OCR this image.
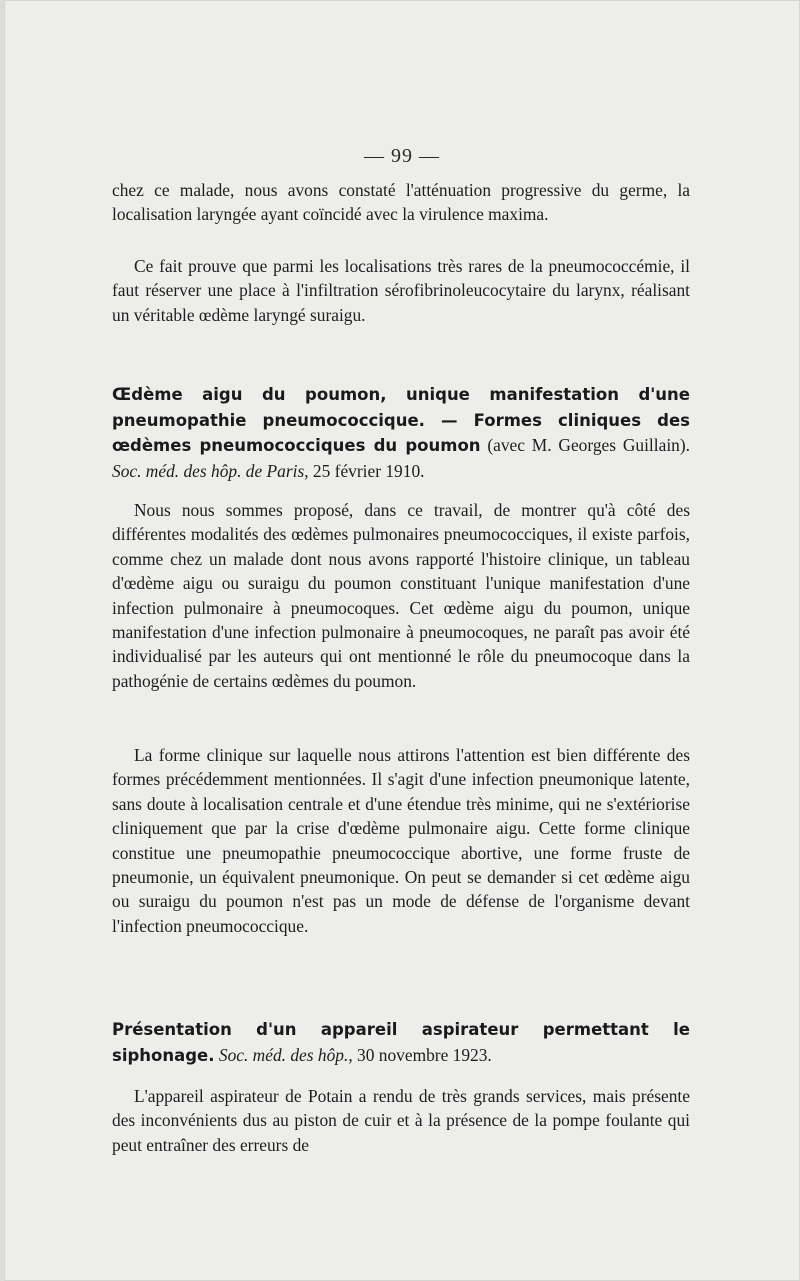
— 99 —

chez ce malade, nous avons constaté l'atténuation progressive du germe, la localisation laryngée ayant coïncidé avec la virulence maxima.

Ce fait prouve que parmi les localisations très rares de la pneumococcémie, il faut réserver une place à l'infiltration sérofibrinoleucocytaire du larynx, réalisant un véritable œdème laryngé suraigu.

Œdème aigu du poumon, unique manifestation d'une pneumopathie pneumococcique. — Formes cliniques des œdèmes pneumococciques du poumon (avec M. Georges Guillain). Soc. méd. des hôp. de Paris, 25 février 1910.

Nous nous sommes proposé, dans ce travail, de montrer qu'à côté des différentes modalités des œdèmes pulmonaires pneumococciques, il existe parfois, comme chez un malade dont nous avons rapporté l'histoire clinique, un tableau d'œdème aigu ou suraigu du poumon constituant l'unique manifestation d'une infection pulmonaire à pneumocoques. Cet œdème aigu du poumon, unique manifestation d'une infection pulmonaire à pneumocoques, ne paraît pas avoir été individualisé par les auteurs qui ont mentionné le rôle du pneumocoque dans la pathogénie de certains œdèmes du poumon.

La forme clinique sur laquelle nous attirons l'attention est bien différente des formes précédemment mentionnées. Il s'agit d'une infection pneumonique latente, sans doute à localisation centrale et d'une étendue très minime, qui ne s'extériorise cliniquement que par la crise d'œdème pulmonaire aigu. Cette forme clinique constitue une pneumopathie pneumococcique abortive, une forme fruste de pneumonie, un équivalent pneumonique. On peut se demander si cet œdème aigu ou suraigu du poumon n'est pas un mode de défense de l'organisme devant l'infection pneumococcique.

Présentation d'un appareil aspirateur permettant le siphonage. Soc. méd. des hôp., 30 novembre 1923.

L'appareil aspirateur de Potain a rendu de très grands services, mais présente des inconvénients dus au piston de cuir et à la présence de la pompe foulante qui peut entraîner des erreurs de
